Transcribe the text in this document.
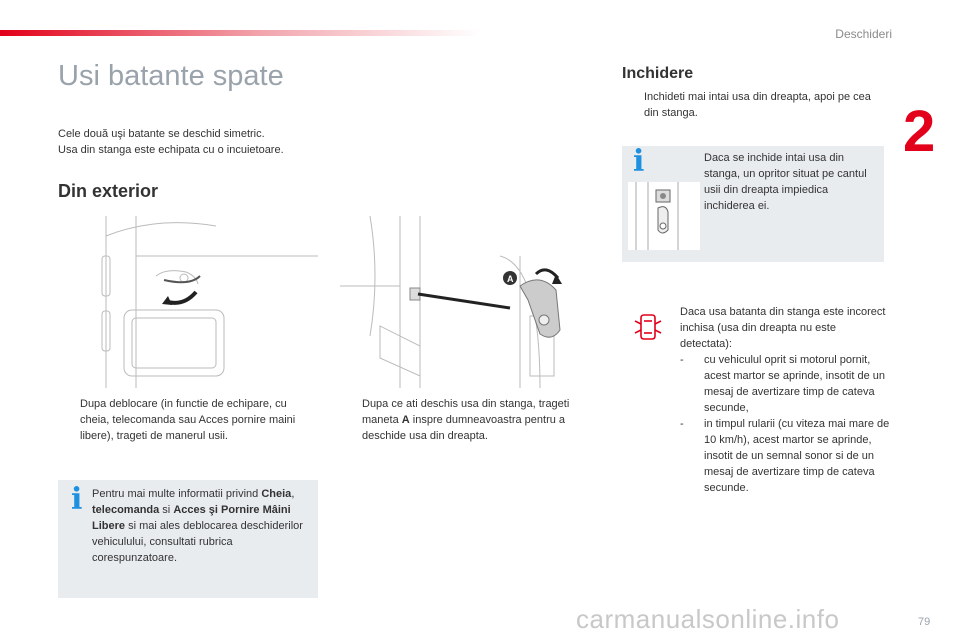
Deschideri
2
Usi batante spate
Cele două uşi batante se deschid simetric.
Usa din stanga este echipata cu o incuietoare.
Din exterior
A
Dupa deblocare (in functie de echipare, cu cheia, telecomanda sau Acces pornire maini libere), trageti de manerul usii.
Dupa ce ati deschis usa din stanga, trageti maneta A inspre dumneavoastra pentru a deschide usa din dreapta.
i Pentru mai multe informatii privind Cheia, telecomanda si Acces şi Pornire Mâini Libere si mai ales deblocarea deschiderilor vehiculului, consultati rubrica corespunzatoare.
Inchidere
Inchideti mai intai usa din dreapta, apoi pe cea din stanga.
i	Daca se inchide intai usa din stanga, un opritor situat pe cantul usii din dreapta impiedica inchiderea ei.
Daca usa batanta din stanga este incorect inchisa (usa din dreapta nu este detectata):
-	cu vehiculul oprit si motorul pornit, acest martor se aprinde, insotit de un mesaj de avertizare timp de cateva secunde,
-	in timpul rularii (cu viteza mai mare de 10 km/h), acest martor se aprinde, insotit de un semnal sonor si de un mesaj de avertizare timp de cateva secunde.
carmanualsonline.info	79
